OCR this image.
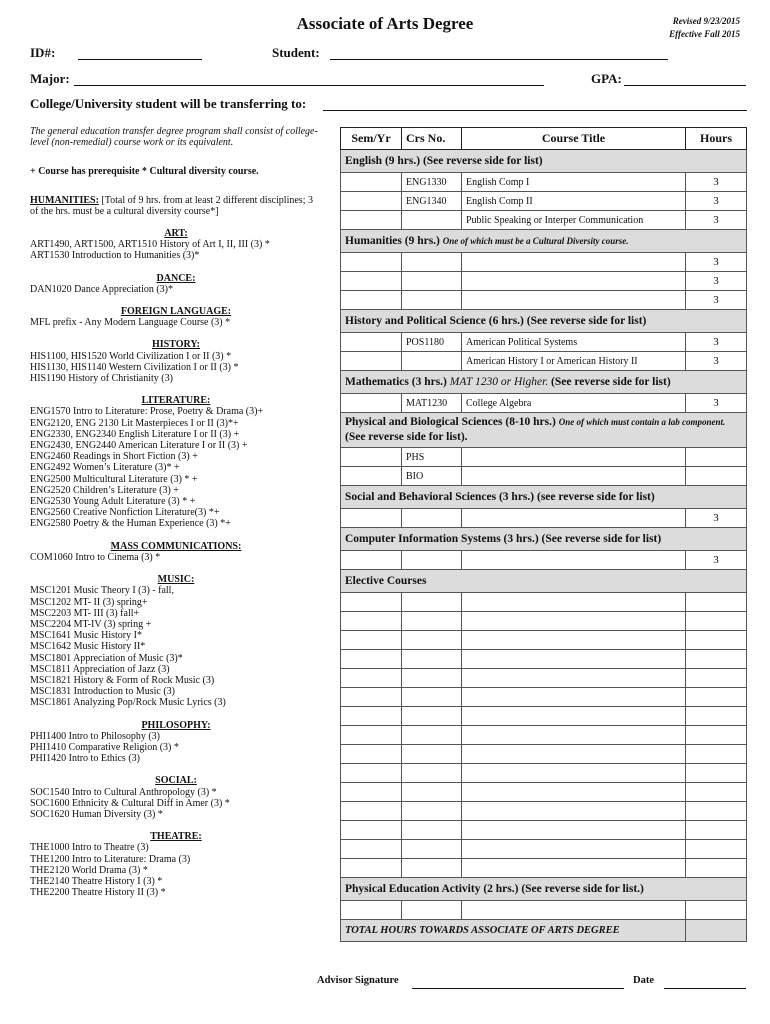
Associate of Arts Degree	Revised 9/23/2015
Effective Fall 2015
ID#:	Student:
Major:	GPA:
College/University student will be transferring to:
The general education transfer degree program shall consist of college-level (non-remedial) course work or its equivalent.
+ Course has prerequisite * Cultural diversity course.
HUMANITIES: [Total of 9 hrs. from at least 2 different disciplines; 3 of the hrs. must be a cultural diversity course*]
ART:
ART1490, ART1500, ART1510 History of Art I, II, III (3) *
ART1530 Introduction to Humanities (3)*
DANCE:
DAN1020 Dance Appreciation (3)*
FOREIGN LANGUAGE:
MFL prefix - Any Modern Language Course (3) *
HISTORY:
HIS1100, HIS1520 World Civilization I or II (3) *
HIS1130, HIS1140 Western Civilization I or II (3) *
HIS1190 History of Christianity (3)
LITERATURE:
ENG1570 Intro to Literature: Prose, Poetry & Drama (3)+
ENG2120, ENG 2130 Lit Masterpieces I or II (3)*+
ENG2330, ENG2340 English Literature I or II (3) +
ENG2430, ENG2440 American Literature I or II (3) +
ENG2460 Readings in Short Fiction (3) +
ENG2492 Women’s Literature (3)* +
ENG2500 Multicultural Literature (3) * +
ENG2520 Children’s Literature (3) +
ENG2530 Young Adult Literature (3) * +
ENG2560 Creative Nonfiction Literature(3) *+
ENG2580 Poetry & the Human Experience (3) *+
MASS COMMUNICATIONS:
COM1060 Intro to Cinema (3) *
MUSIC:
MSC1201 Music Theory I (3) - fall,
MSC1202 MT- II (3) spring+
MSC2203 MT- III (3) fall+
MSC2204 MT-IV (3) spring +
MSC1641 Music History I*
MSC1642 Music History II*
MSC1801 Appreciation of Music (3)*
MSC1811 Appreciation of Jazz (3)
MSC1821 History & Form of Rock Music (3)
MSC1831 Introduction to Music (3)
MSC1861 Analyzing Pop/Rock Music Lyrics (3)
PHILOSOPHY:
PHI1400 Intro to Philosophy (3)
PHI1410 Comparative Religion (3) *
PHI1420 Intro to Ethics (3)
SOCIAL:
SOC1540 Intro to Cultural Anthropology (3) *
SOC1600 Ethnicity & Cultural Diff in Amer (3) *
SOC1620 Human Diversity (3) *
THEATRE:
THE1000 Intro to Theatre (3)
THE1200 Intro to Literature: Drama (3)
THE2120 World Drama (3) *
THE2140 Theatre History I (3) *
THE2200 Theatre History II (3) *
Sem/Yr	Crs No.	Course Title	Hours
English (9 hrs.) (See reverse side for list)			
	ENG1330	English Comp I	3
	ENG1340	English Comp II	3
		Public Speaking or Interper Communication	3
Humanities (9 hrs.) One of which must be a Cultural Diversity course.			
			3
			3
			3
History and Political Science (6 hrs.) (See reverse side for list)			
	POS1180	American Political Systems	3
		American History I or American History II	3
Mathematics (3 hrs.) MAT 1230 or Higher. (See reverse side for list)			
	MAT1230	College Algebra	3
Physical and Biological Sciences (8-10 hrs.) One of which must contain a lab component. (See reverse side for list).			
	PHS		
	BIO		
Social and Behavioral Sciences (3 hrs.) (see reverse side for list)			
			3
Computer Information Systems (3 hrs.) (See reverse side for list)			
			3
Elective Courses			

Physical Education Activity (2 hrs.) (See reverse side for list.)			

TOTAL HOURS TOWARDS ASSOCIATE OF ARTS DEGREE			
Advisor Signature	Date
